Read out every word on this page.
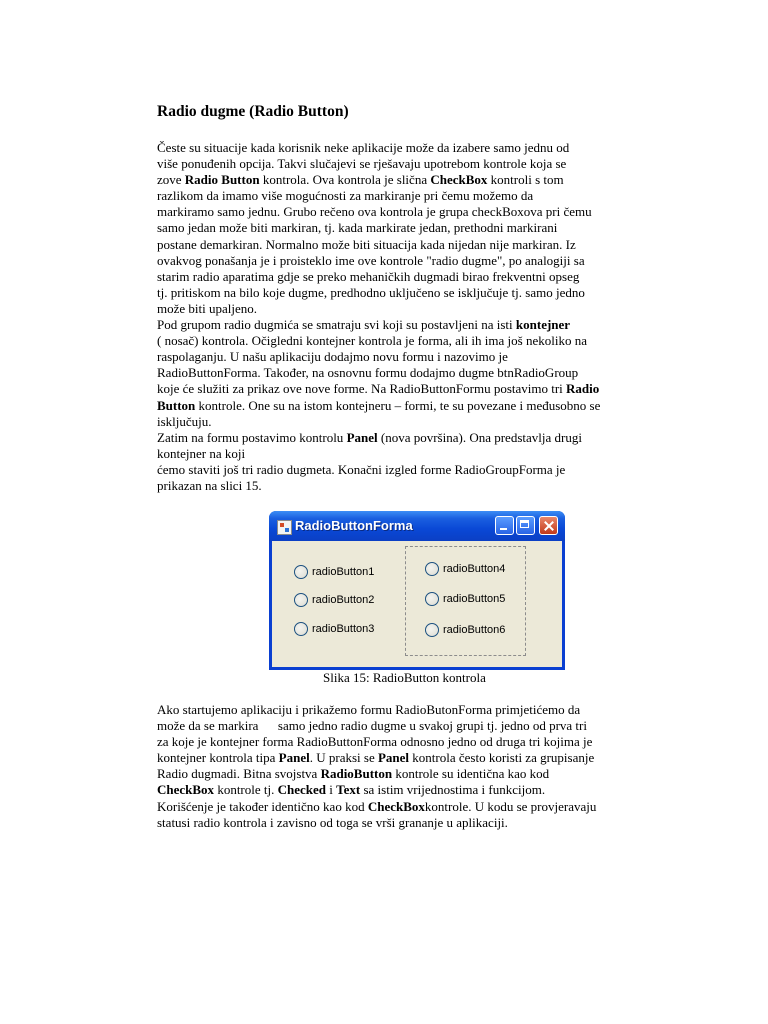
Radio dugme (Radio Button)

Česte su situacije kada korisnik neke aplikacije može da izabere samo jednu od

više ponuđenih opcija. Takvi slučajevi se rješavaju upotrebom kontrole koja se

zove Radio Button kontrola. Ova kontrola je slična CheckBox kontroli s tom

razlikom da imamo više mogućnosti za markiranje pri čemu možemo da

markiramo samo jednu. Grubo rečeno ova kontrola je grupa checkBoxova pri čemu

samo jedan može biti markiran, tj. kada markirate jedan, prethodni markirani

postane demarkiran. Normalno može biti situacija kada nijedan nije markiran. Iz

ovakvog ponašanja je i proisteklo ime ove kontrole "radio dugme", po analogiji sa

starim radio aparatima gdje se preko mehaničkih dugmadi birao frekventni opseg

tj. pritiskom na bilo koje dugme, predhodno uključeno se isključuje tj. samo jedno

može biti upaljeno.

Pod grupom radio dugmića se smatraju svi koji su postavljeni na isti kontejner

( nosač) kontrola. Očigledni kontejner kontrola je forma, ali ih ima još nekoliko na

raspolaganju. U našu aplikaciju dodajmo novu formu i nazovimo je

RadioButtonForma. Također, na osnovnu formu dodajmo dugme btnRadioGroup

koje će služiti za prikaz ove nove forme. Na RadioButtonFormu postavimo tri Radio

Button kontrole. One su na istom kontejneru – formi, te su povezane i međusobno se

isključuju.

Zatim na formu postavimo kontrolu Panel (nova površina). Ona predstavlja drugi

kontejner na koji

ćemo staviti još tri radio dugmeta. Konačni izgled forme RadioGroupForma je

prikazan na slici 15.

Ako startujemo aplikaciju i prikažemo formu RadioButonForma primjetićemo da

može da se markira      samo jedno radio dugme u svakoj grupi tj. jedno od prva tri

za koje je kontejner forma RadioButtonForma odnosno jedno od druga tri kojima je

kontejner kontrola tipa Panel. U praksi se Panel kontrola često koristi za grupisanje

Radio dugmadi. Bitna svojstva RadioButton kontrole su identična kao kod

CheckBox kontrole tj. Checked i Text sa istim vrijednostima i funkcijom.

Korišćenje je također identično kao kod CheckBoxkontrole. U kodu se provjeravaju

statusi radio kontrola i zavisno od toga se vrši grananje u aplikaciji.

RadioButtonForma
radioButton1
radioButton2
radioButton3
radioButton4
radioButton5
radioButton6
Slika 15: RadioButton kontrola
